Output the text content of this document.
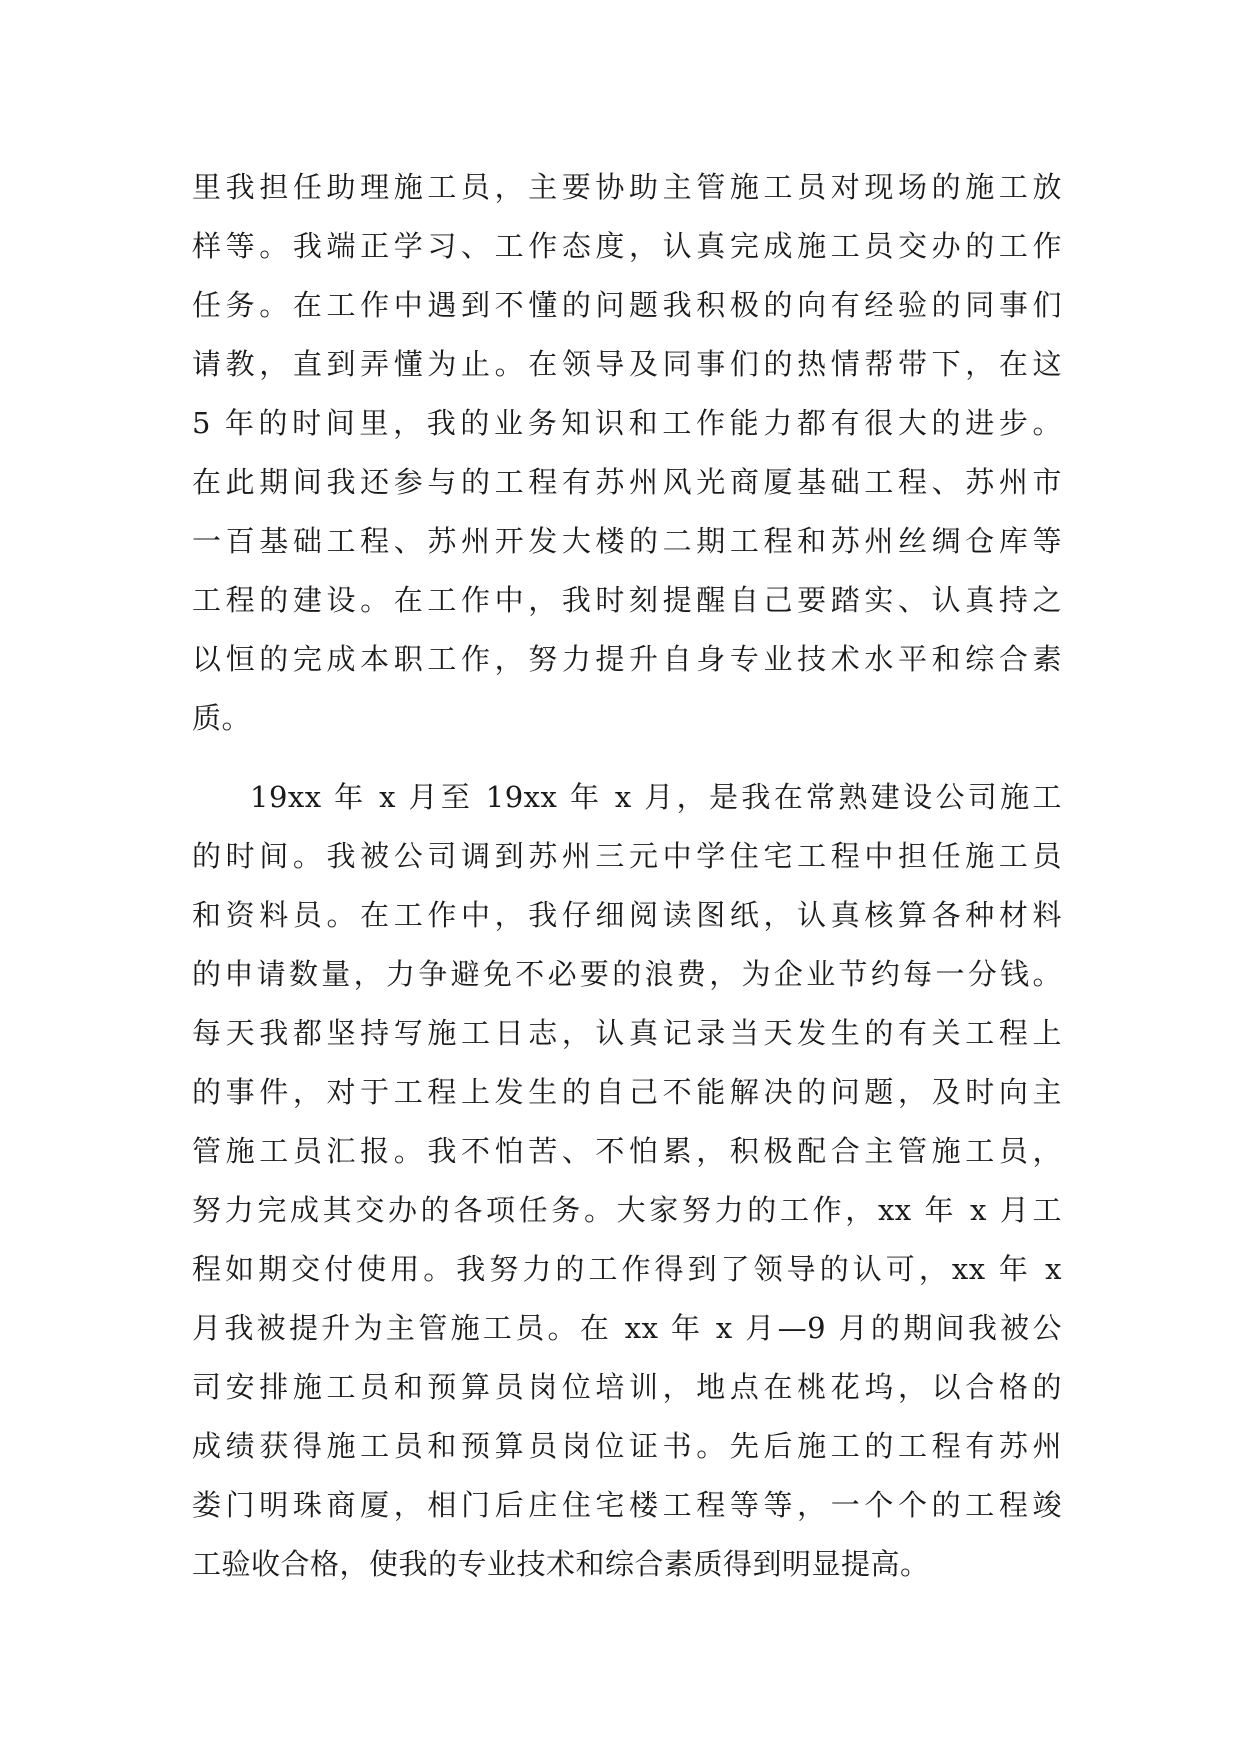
里我担任助理施工员，主要协助主管施工员对现场的施工放
样等。我端正学习、工作态度，认真完成施工员交办的工作
任务。在工作中遇到不懂的问题我积极的向有经验的同事们
请教，直到弄懂为止。在领导及同事们的热情帮带下，在这
5 年的时间里，我的业务知识和工作能力都有很大的进步。
在此期间我还参与的工程有苏州风光商厦基础工程、苏州市
一百基础工程、苏州开发大楼的二期工程和苏州丝绸仓库等
工程的建设。在工作中，我时刻提醒自己要踏实、认真持之
以恒的完成本职工作，努力提升自身专业技术水平和综合素
质。
19xx 年 x 月至 19xx 年 x 月，是我在常熟建设公司施工
的时间。我被公司调到苏州三元中学住宅工程中担任施工员
和资料员。在工作中，我仔细阅读图纸，认真核算各种材料
的申请数量，力争避免不必要的浪费，为企业节约每一分钱。
每天我都坚持写施工日志，认真记录当天发生的有关工程上
的事件，对于工程上发生的自己不能解决的问题，及时向主
管施工员汇报。我不怕苦、不怕累，积极配合主管施工员，
努力完成其交办的各项任务。大家努力的工作，xx 年 x 月工
程如期交付使用。我努力的工作得到了领导的认可，xx 年 x
月我被提升为主管施工员。在 xx 年 x 月—9 月的期间我被公
司安排施工员和预算员岗位培训，地点在桃花坞，以合格的
成绩获得施工员和预算员岗位证书。先后施工的工程有苏州
娄门明珠商厦，相门后庄住宅楼工程等等，一个个的工程竣
工验收合格，使我的专业技术和综合素质得到明显提高。
